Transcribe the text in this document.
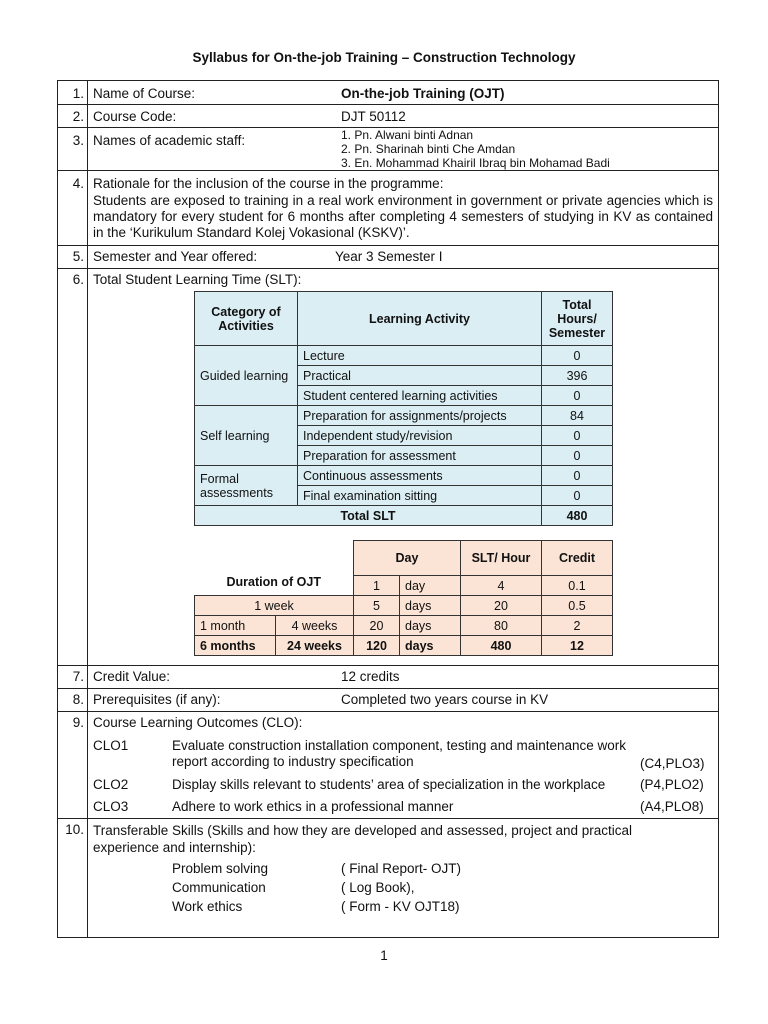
Syllabus for On-the-job Training – Construction Technology
1. Name of Course:	On-the-job Training (OJT)
2. Course Code:	DJT 50112
3. Names of academic staff:	1. Pn. Alwani binti Adnan
2. Pn. Sharinah binti Che Amdan
3. En. Mohammad Khairil Ibraq bin Mohamad Badi
4. Rationale for the inclusion of the course in the programme:
Students are exposed to training in a real work environment in government or private agencies which is mandatory for every student for 6 months after completing 4 semesters of studying in KV as contained in the ‘Kurikulum Standard Kolej Vokasional (KSKV)’.
5. Semester and Year offered:	Year 3 Semester I
6. Total Student Learning Time (SLT):
Category of Activities	Learning Activity	Total Hours/ Semester
Guided learning	Lecture	0
	Practical	396
	Student centered learning activities	0
Self learning	Preparation for assignments/projects	84
	Independent study/revision	0
	Preparation for assessment	0
Formal assessments	Continuous assessments	0
	Final examination sitting	0
Total SLT		480
Duration of OJT		Day		SLT/ Hour	Credit
		1	day	4	0.1
1 week		5	days	20	0.5
1 month	4 weeks	20	days	80	2
6 months	24 weeks	120	days	480	12
7. Credit Value:	12 credits
8. Prerequisites (if any):	Completed two years course in KV
9. Course Learning Outcomes (CLO):
CLO1	Evaluate construction installation component, testing and maintenance work report according to industry specification	(C4,PLO3)
CLO2	Display skills relevant to students’ area of specialization in the workplace	(P4,PLO2)
CLO3	Adhere to work ethics in a professional manner	(A4,PLO8)
10. Transferable Skills (Skills and how they are developed and assessed, project and practical experience and internship):
Problem solving	( Final Report- OJT)
Communication	( Log Book),
Work ethics	( Form - KV OJT18)
1
